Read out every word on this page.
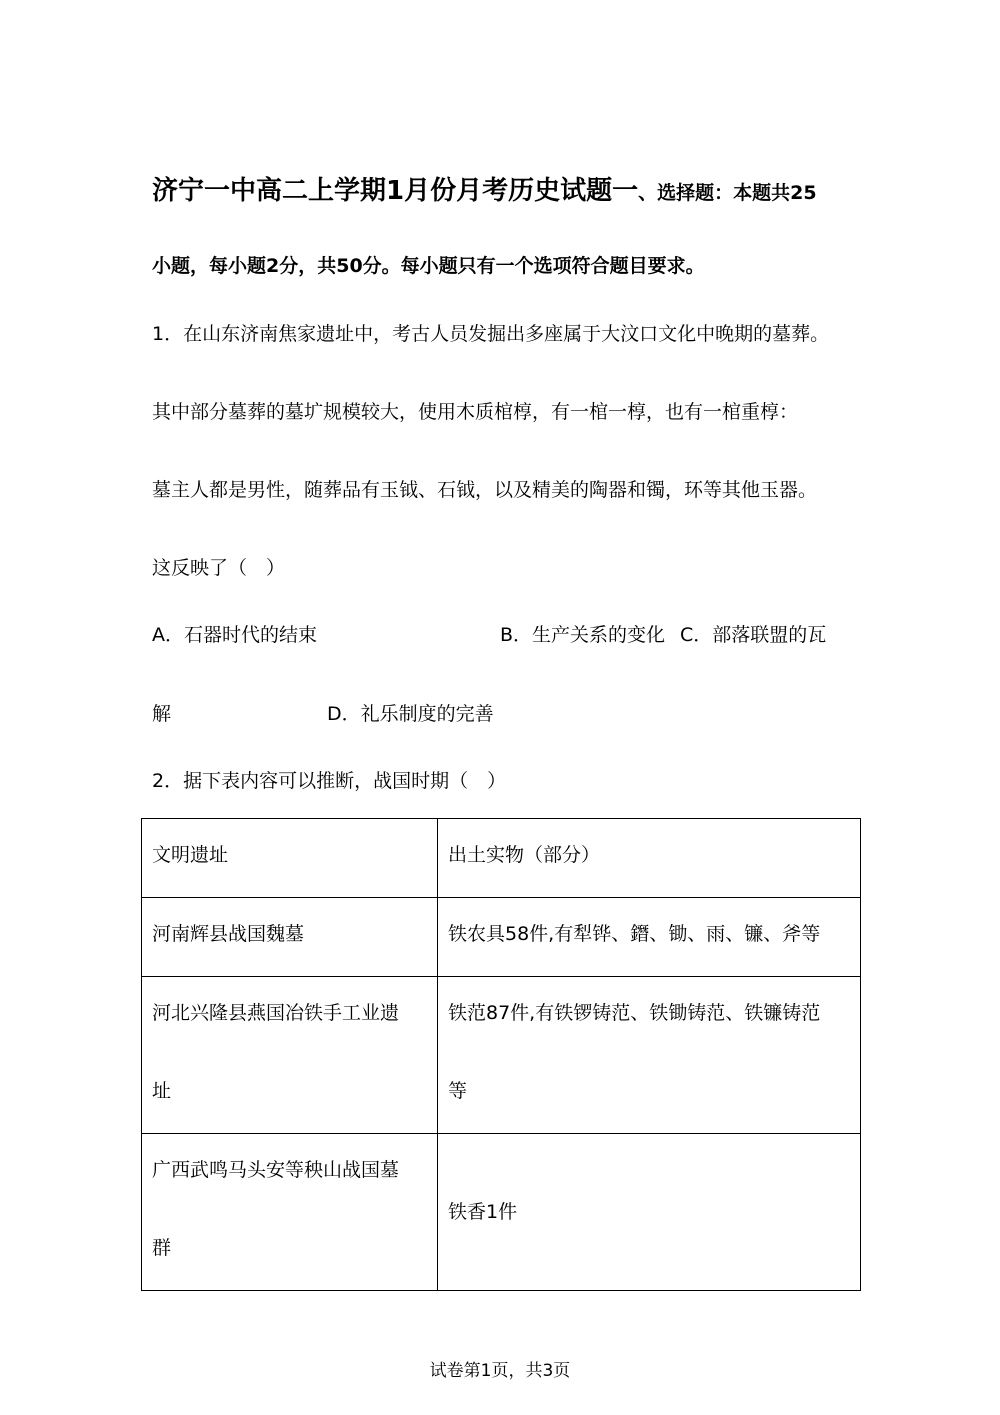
济宁一中高二上学期1月份月考历史试题一、选择题：本题共25
小题，每小题2分，共50分。每小题只有一个选项符合题目要求。
1．在山东济南焦家遗址中，考古人员发掘出多座属于大汶口文化中晚期的墓葬。
其中部分墓葬的墓圹规模较大，使用木质棺椁，有一棺一椁，也有一棺重椁：
墓主人都是男性，随葬品有玉钺、石钺，以及精美的陶器和镯，环等其他玉器。
这反映了（　）
A．石器时代的结束	B．生产关系的变化 C．部落联盟的瓦
解	D．礼乐制度的完善
2．据下表内容可以推断，战国时期（　）
文明遗址	出土实物（部分）

河南辉县战国魏墓	铁农具58件,有犁铧、鐕、锄、雨、镰、斧等

河北兴隆县燕国冶铁手工业遗
址	铁范87件,有铁锣铸范、铁锄铸范、铁镰铸范
等

广西武鸣马头安等秧山战国墓
群	铁香1件
试卷第1页，共3页
